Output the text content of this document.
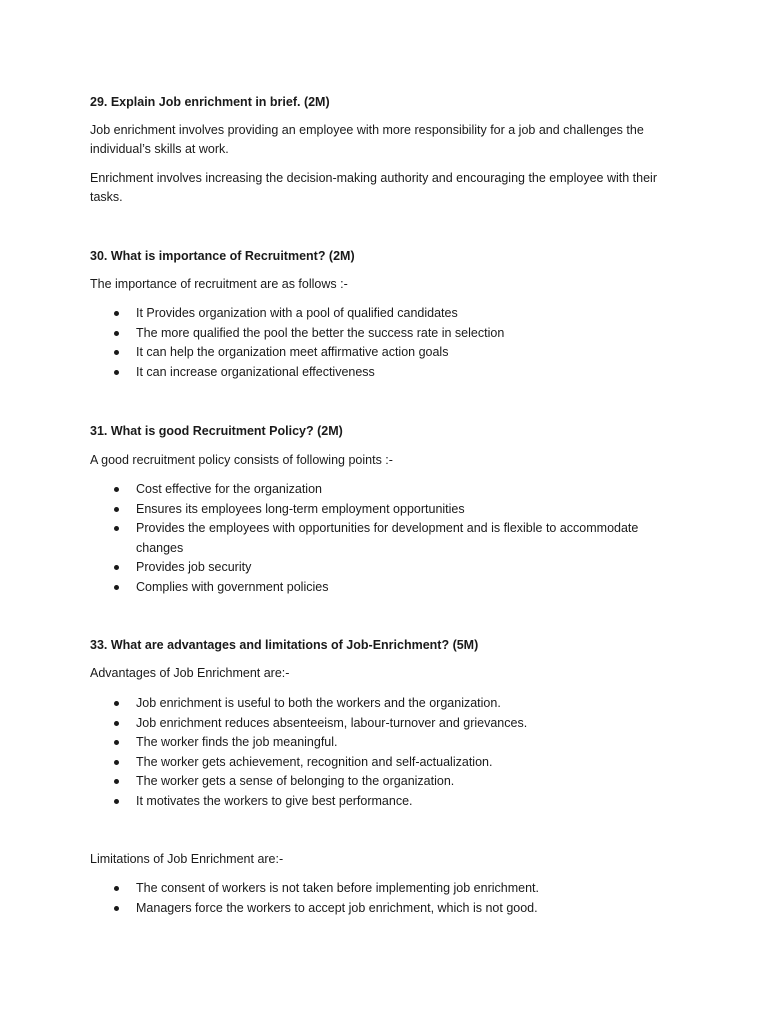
29. Explain Job enrichment in brief. (2M)
Job enrichment involves providing an employee with more responsibility for a job and challenges the individual’s skills at work.
Enrichment involves increasing the decision-making authority and encouraging the employee with their tasks.
30. What is importance of Recruitment? (2M)
The importance of recruitment are as follows :-
It Provides organization with a pool of qualified candidates
The more qualified the pool the better the success rate in selection
It can help the organization meet affirmative action goals
It can increase organizational effectiveness
31. What is good Recruitment Policy? (2M)
A good recruitment policy consists of following points :-
Cost effective for the organization
Ensures its employees long-term employment opportunities
Provides the employees with opportunities for development and is flexible to accommodate changes
Provides job security
Complies with government policies
33. What are advantages and limitations of Job-Enrichment? (5M)
Advantages of Job Enrichment are:-
Job enrichment is useful to both the workers and the organization.
Job enrichment reduces absenteeism, labour-turnover and grievances.
The worker finds the job meaningful.
The worker gets achievement, recognition and self-actualization.
The worker gets a sense of belonging to the organization.
It motivates the workers to give best performance.
Limitations of Job Enrichment are:-
The consent of workers is not taken before implementing job enrichment.
Managers force the workers to accept job enrichment, which is not good.
